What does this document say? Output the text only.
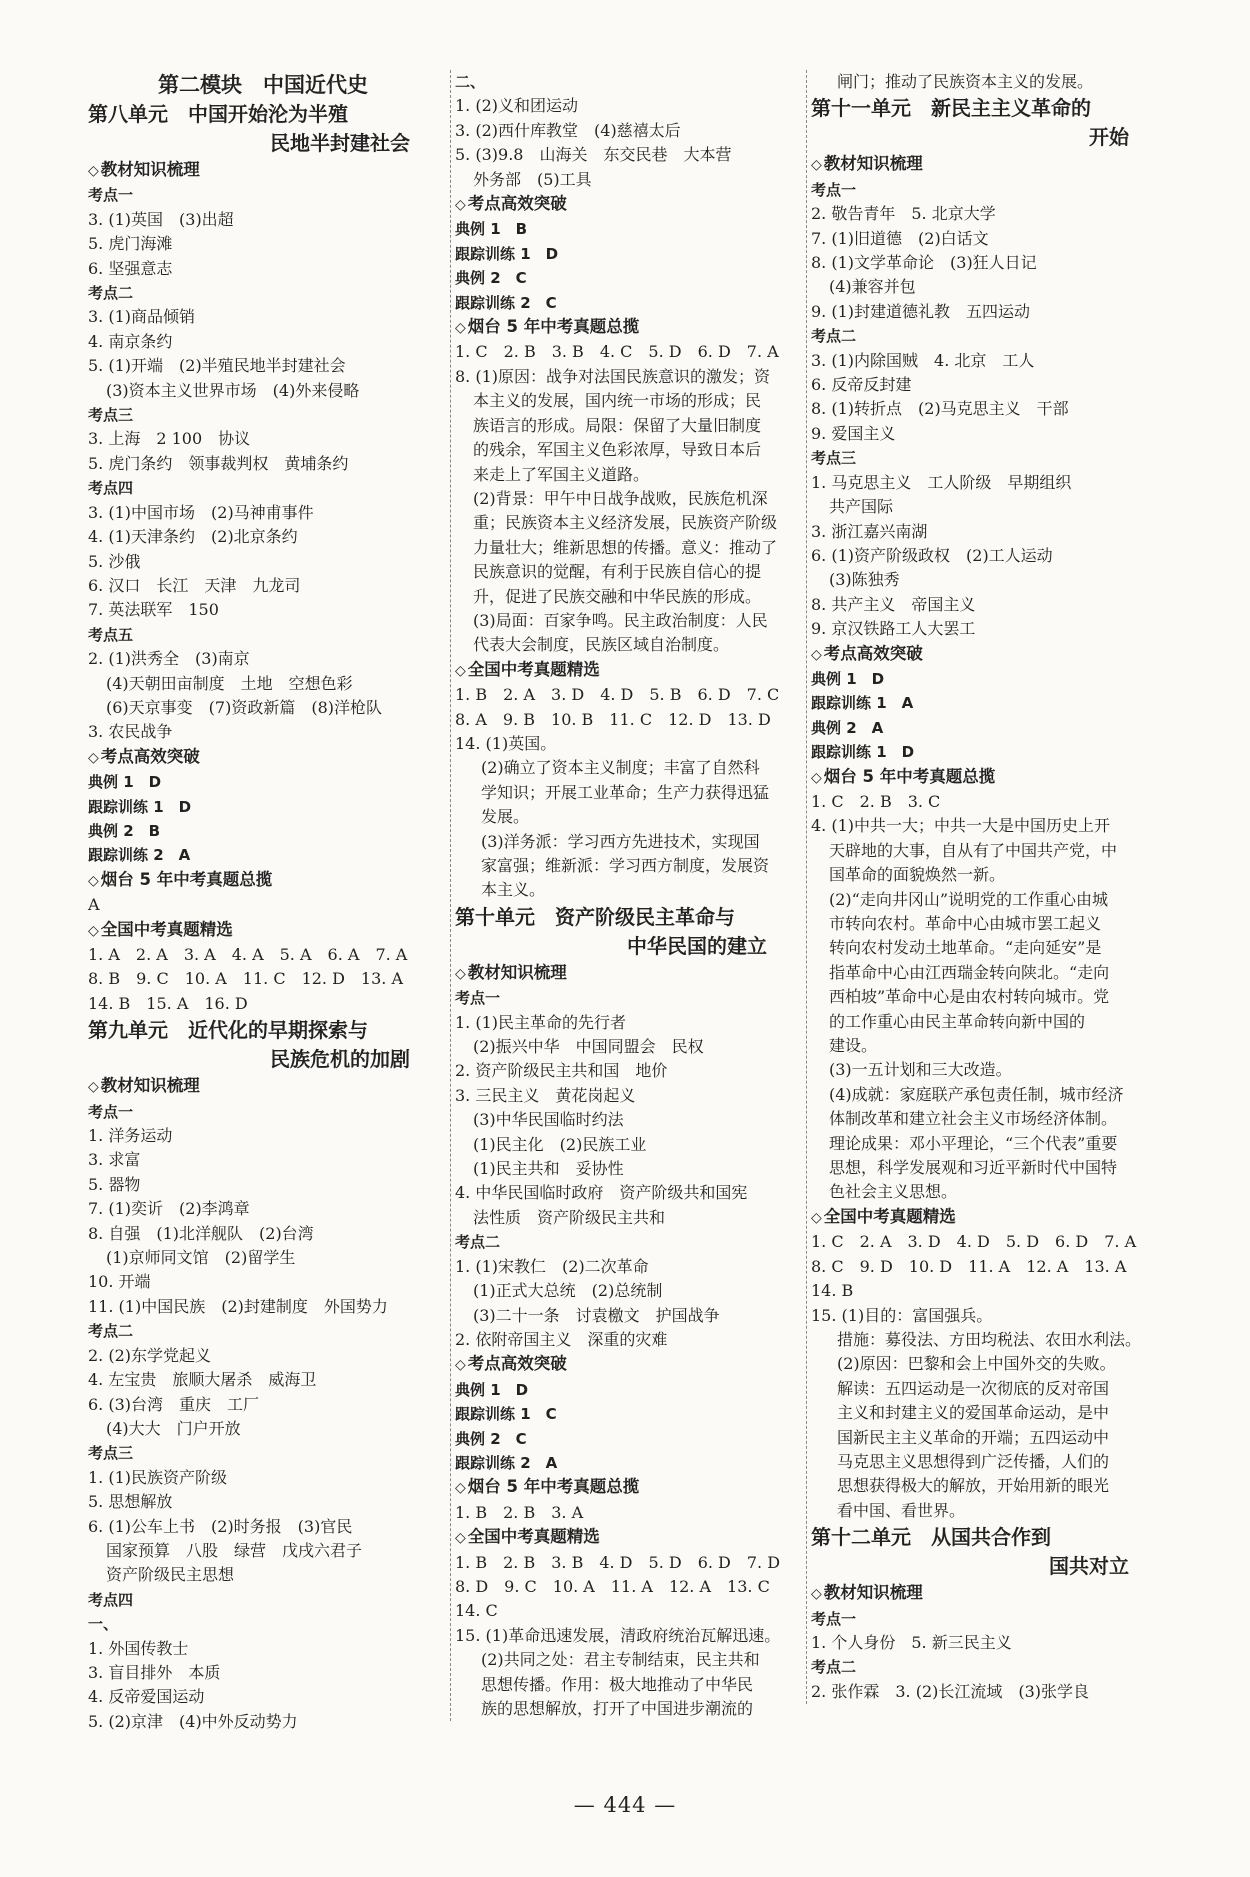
第二模块　中国近代史
第八单元　中国开始沦为半殖
民地半封建社会
◇ 教材知识梳理
考点一
3. (1)英国　(3)出超
5. 虎门海滩
6. 坚强意志
考点二
3. (1)商品倾销
4. 南京条约
5. (1)开端　(2)半殖民地半封建社会
(3)资本主义世界市场　(4)外来侵略
考点三
3. 上海　2 100　协议
5. 虎门条约　领事裁判权　黄埔条约
考点四
3. (1)中国市场　(2)马神甫事件
4. (1)天津条约　(2)北京条约
5. 沙俄
6. 汉口　长江　天津　九龙司
7. 英法联军　150
考点五
2. (1)洪秀全　(3)南京
(4)天朝田亩制度　土地　空想色彩
(6)天京事变　(7)资政新篇　(8)洋枪队
3. 农民战争
◇ 考点高效突破
典例 1　D
跟踪训练 1　D
典例 2　B
跟踪训练 2　A
◇ 烟台 5 年中考真题总揽
A
◇ 全国中考真题精选
1. A　2. A　3. A　4. A　5. A　6. A　7. A
8. B　9. C　10. A　11. C　12. D　13. A
14. B　15. A　16. D
第九单元　近代化的早期探索与
民族危机的加剧
◇ 教材知识梳理
考点一
1. 洋务运动
3. 求富
5. 器物
7. (1)奕䜣　(2)李鸿章
8. 自强　(1)北洋舰队　(2)台湾
(1)京师同文馆　(2)留学生
10. 开端
11. (1)中国民族　(2)封建制度　外国势力
考点二
2. (2)东学党起义
4. 左宝贵　旅顺大屠杀　威海卫
6. (3)台湾　重庆　工厂
(4)大大　门户开放
考点三
1. (1)民族资产阶级
5. 思想解放
6. (1)公车上书　(2)时务报　(3)官民
国家预算　八股　绿营　戊戌六君子
资产阶级民主思想
考点四
一、
1. 外国传教士
3. 盲目排外　本质
4. 反帝爱国运动
5. (2)京津　(4)中外反动势力
二、
1. (2)义和团运动
3. (2)西什库教堂　(4)慈禧太后
5. (3)9.8　山海关　东交民巷　大本营
外务部　(5)工具
◇ 考点高效突破
典例 1　B
跟踪训练 1　D
典例 2　C
跟踪训练 2　C
◇ 烟台 5 年中考真题总揽
1. C　2. B　3. B　4. C　5. D　6. D　7. A
8. (1)原因：战争对法国民族意识的激发；资
本主义的发展，国内统一市场的形成；民
族语言的形成。局限：保留了大量旧制度
的残余，军国主义色彩浓厚，导致日本后
来走上了军国主义道路。
(2)背景：甲午中日战争战败，民族危机深
重；民族资本主义经济发展，民族资产阶级
力量壮大；维新思想的传播。意义：推动了
民族意识的觉醒，有利于民族自信心的提
升，促进了民族交融和中华民族的形成。
(3)局面：百家争鸣。民主政治制度：人民
代表大会制度，民族区域自治制度。
◇ 全国中考真题精选
1. B　2. A　3. D　4. D　5. B　6. D　7. C
8. A　9. B　10. B　11. C　12. D　13. D
14. (1)英国。
(2)确立了资本主义制度；丰富了自然科
学知识；开展工业革命；生产力获得迅猛
发展。
(3)洋务派：学习西方先进技术，实现国
家富强；维新派：学习西方制度，发展资
本主义。
第十单元　资产阶级民主革命与
中华民国的建立
◇ 教材知识梳理
考点一
1. (1)民主革命的先行者
(2)振兴中华　中国同盟会　民权
2. 资产阶级民主共和国　地价
3. 三民主义　黄花岗起义
(3)中华民国临时约法
(1)民主化　(2)民族工业
(1)民主共和　妥协性
4. 中华民国临时政府　资产阶级共和国宪
法性质　资产阶级民主共和
考点二
1. (1)宋教仁　(2)二次革命
(1)正式大总统　(2)总统制
(3)二十一条　讨袁檄文　护国战争
2. 依附帝国主义　深重的灾难
◇ 考点高效突破
典例 1　D
跟踪训练 1　C
典例 2　C
跟踪训练 2　A
◇ 烟台 5 年中考真题总揽
1. B　2. B　3. A
◇ 全国中考真题精选
1. B　2. B　3. B　4. D　5. D　6. D　7. D
8. D　9. C　10. A　11. A　12. A　13. C
14. C
15. (1)革命迅速发展，清政府统治瓦解迅速。
(2)共同之处：君主专制结束，民主共和
思想传播。作用：极大地推动了中华民
族的思想解放，打开了中国进步潮流的
闸门；推动了民族资本主义的发展。
第十一单元　新民主主义革命的
开始
◇ 教材知识梳理
考点一
2. 敬告青年　5. 北京大学
7. (1)旧道德　(2)白话文
8. (1)文学革命论　(3)狂人日记
(4)兼容并包
9. (1)封建道德礼教　五四运动
考点二
3. (1)内除国贼　4. 北京　工人
6. 反帝反封建
8. (1)转折点　(2)马克思主义　干部
9. 爱国主义
考点三
1. 马克思主义　工人阶级　早期组织
共产国际
3. 浙江嘉兴南湖
6. (1)资产阶级政权　(2)工人运动
(3)陈独秀
8. 共产主义　帝国主义
9. 京汉铁路工人大罢工
◇ 考点高效突破
典例 1　D
跟踪训练 1　A
典例 2　A
跟踪训练 1　D
◇ 烟台 5 年中考真题总揽
1. C　2. B　3. C
4. (1)中共一大；中共一大是中国历史上开
天辟地的大事，自从有了中国共产党，中
国革命的面貌焕然一新。
(2)“走向井冈山”说明党的工作重心由城
市转向农村。革命中心由城市罢工起义
转向农村发动土地革命。“走向延安”是
指革命中心由江西瑞金转向陕北。“走向
西柏坡”革命中心是由农村转向城市。党
的工作重心由民主革命转向新中国的
建设。
(3)一五计划和三大改造。
(4)成就：家庭联产承包责任制，城市经济
体制改革和建立社会主义市场经济体制。
理论成果：邓小平理论，“三个代表”重要
思想，科学发展观和习近平新时代中国特
色社会主义思想。
◇ 全国中考真题精选
1. C　2. A　3. D　4. D　5. D　6. D　7. A
8. C　9. D　10. D　11. A　12. A　13. A
14. B
15. (1)目的：富国强兵。
措施：募役法、方田均税法、农田水利法。
(2)原因：巴黎和会上中国外交的失败。
解读：五四运动是一次彻底的反对帝国
主义和封建主义的爱国革命运动，是中
国新民主主义革命的开端；五四运动中
马克思主义思想得到广泛传播，人们的
思想获得极大的解放，开始用新的眼光
看中国、看世界。
第十二单元　从国共合作到
国共对立
◇ 教材知识梳理
考点一
1. 个人身份　5. 新三民主义
考点二
2. 张作霖　3. (2)长江流域　(3)张学良
— 444 —
